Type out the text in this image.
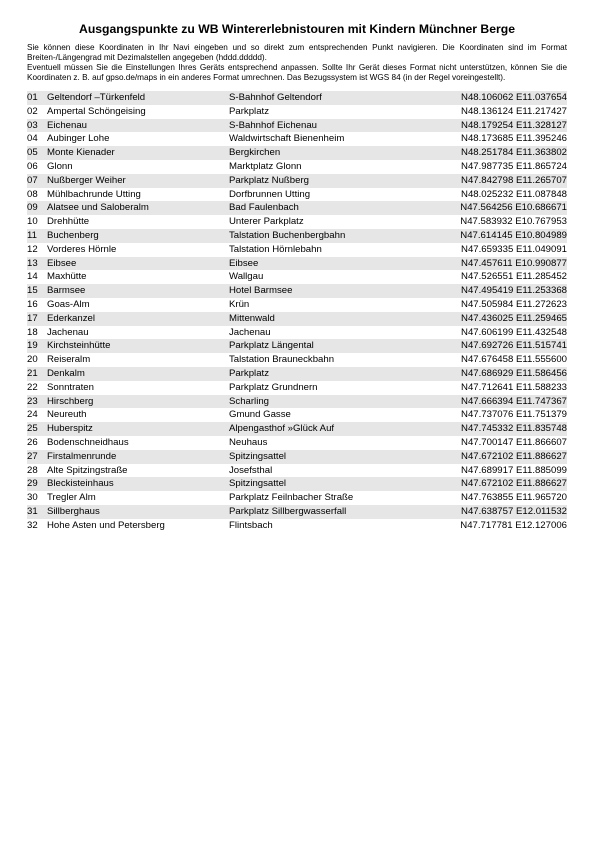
Ausgangspunkte zu WB Wintererlebnistouren mit Kindern Münchner Berge

Sie können diese Koordinaten in Ihr Navi eingeben und so direkt zum entsprechenden Punkt navigieren. Die Koordinaten sind im Format Breiten-/Längengrad mit Dezimalstellen angegeben (hddd.ddddd).

Eventuell müssen Sie die Einstellungen Ihres Geräts entsprechend anpassen. Sollte Ihr Gerät dieses Format nicht unterstützen, können Sie die Koordinaten z. B. auf gpso.de/maps in ein anderes Format umrechnen. Das Bezugssystem ist WGS 84 (in der Regel voreingestellt).

01	Geltendorf –Türkenfeld	S-Bahnhof Geltendorf	N48.106062 E11.037654
02	Ampertal Schöngeising	Parkplatz	N48.136124 E11.217427
03	Eichenau	S-Bahnhof Eichenau	N48.179254 E11.328127
04	Aubinger Lohe	Waldwirtschaft Bienenheim	N48.173685 E11.395246
05	Monte Kienader	Bergkirchen	N48.251784 E11.363802
06	Glonn	Marktplatz Glonn	N47.987735 E11.865724
07	Nußberger Weiher	Parkplatz Nußberg	N47.842798 E11.265707
08	Mühlbachrunde Utting	Dorfbrunnen Utting	N48.025232 E11.087848
09	Alatsee und Saloberalm	Bad Faulenbach	N47.564256 E10.686671
10	Drehhütte	Unterer Parkplatz	N47.583932 E10.767953
11	Buchenberg	Talstation Buchenbergbahn	N47.614145 E10.804989
12	Vorderes Hörnle	Talstation Hörnlebahn	N47.659335 E11.049091
13	Eibsee	Eibsee	N47.457611 E10.990877
14	Maxhütte	Wallgau	N47.526551 E11.285452
15	Barmsee	Hotel Barmsee	N47.495419 E11.253368
16	Goas-Alm	Krün	N47.505984 E11.272623
17	Ederkanzel	Mittenwald	N47.436025 E11.259465
18	Jachenau	Jachenau	N47.606199 E11.432548
19	Kirchsteinhütte	Parkplatz Längental	N47.692726 E11.515741
20	Reiseralm	Talstation Brauneckbahn	N47.676458 E11.555600
21	Denkalm	Parkplatz	N47.686929 E11.586456
22	Sonntraten	Parkplatz Grundnern	N47.712641 E11.588233
23	Hirschberg	Scharling	N47.666394 E11.747367
24	Neureuth	Gmund Gasse	N47.737076 E11.751379
25	Huberspitz	Alpengasthof »Glück Auf	N47.745332 E11.835748
26	Bodenschneidhaus	Neuhaus	N47.700147 E11.866607
27	Firstalmenrunde	Spitzingsattel	N47.672102 E11.886627
28	Alte Spitzingstraße	Josefsthal	N47.689917 E11.885099
29	Bleckisteinhaus	Spitzingsattel	N47.672102 E11.886627
30	Tregler Alm	Parkplatz Feilnbacher Straße	N47.763855 E11.965720
31	Sillberghaus	Parkplatz Sillbergwasserfall	N47.638757 E12.011532
32	Hohe Asten und Petersberg	Flintsbach	N47.717781 E12.127006
